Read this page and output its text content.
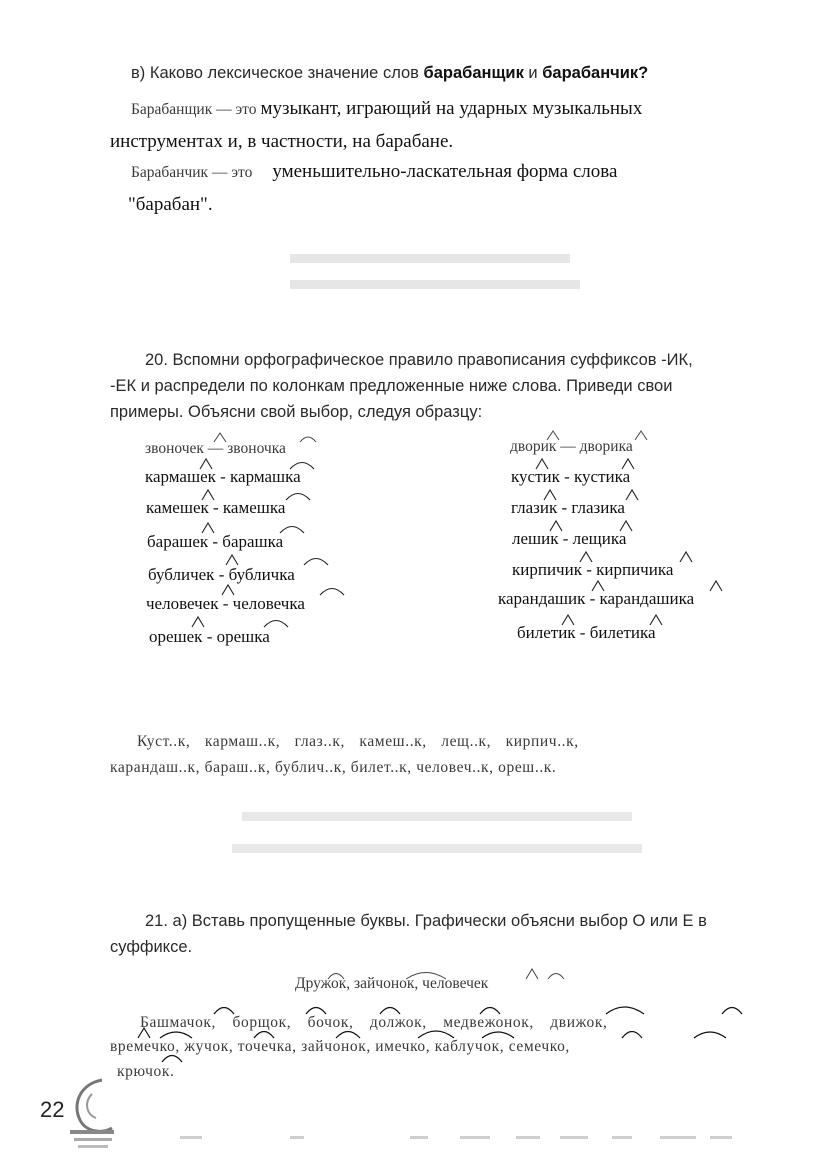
в) Каково лексическое значение слов барабанщик и барабанчик?
Барабанщик — это музыкант, играющий на ударных музыкальных
инструментах и, в частности, на барабане.
Барабанчик — это уменьшительно-ласкательная форма слова
"барабан".
20. Вспомни орфографическое правило правописания суффиксов -ИК,
-ЕК и распредели по колонкам предложенные ниже слова. Приведи свои
примеры. Объясни свой выбор, следуя образцу:
звоночек — звоночка	дворик — дворика
кармашек - кармашка
камешек - камешка
барашек - барашка
бубличек - бубличка
человечек - человечка
орешек - орешка
кустик - кустика
глазик - глазика
лешик - лещика
кирпичик - кирпичика
карандашик - карандашика
билетик - билетика
Куст..к, кармаш..к, глаз..к, камеш..к, лещ..к, кирпич..к,
карандаш..к, бараш..к, бублич..к, билет..к, человеч..к, ореш..к.
21. а) Вставь пропущенные буквы. Графически объясни выбор О или Е в
суффиксе.
Дружок, зайчонок, человечек
Башмачок, борщок, бочок, должок, медвежонок, движок,
времечко, жучок, точечка, зайчонок, имечко, каблучок, семечко,
крючок.
22
